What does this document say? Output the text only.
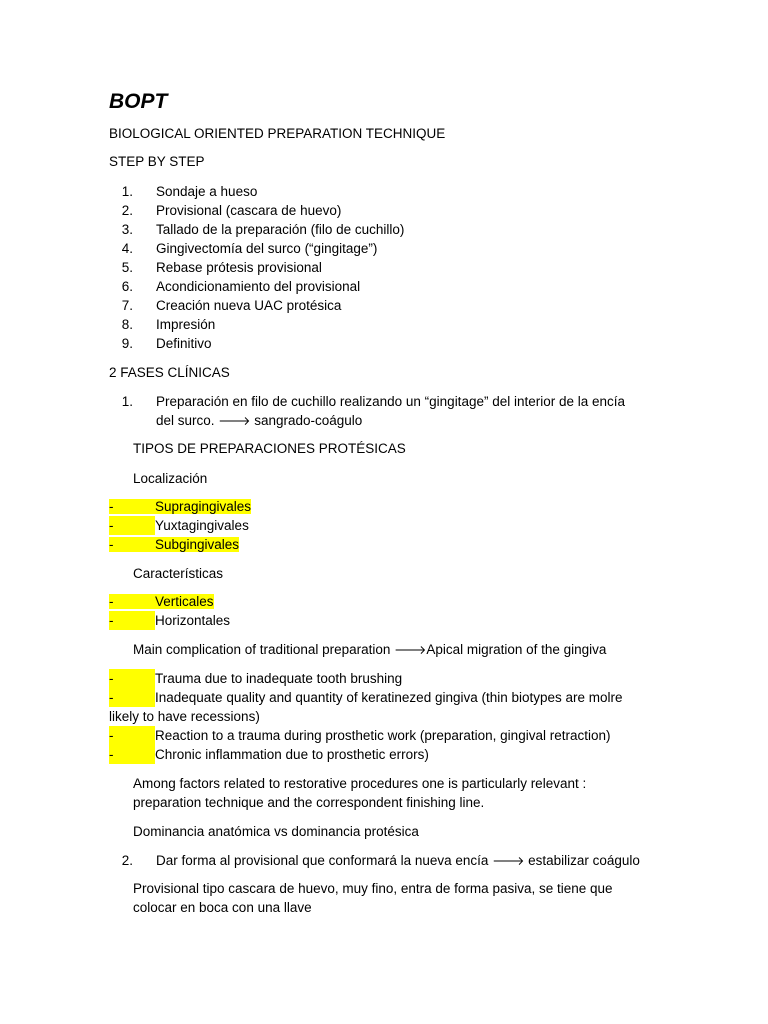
BOPT
BIOLOGICAL ORIENTED PREPARATION TECHNIQUE
STEP BY STEP
1. Sondaje a hueso
2. Provisional (cascara de huevo)
3. Tallado de la preparación (filo de cuchillo)
4. Gingivectomía del surco (“gingitage”)
5. Rebase prótesis provisional
6. Acondicionamiento del provisional
7. Creación nueva UAC protésica
8. Impresión
9. Definitivo
2 FASES CLÍNICAS
1. Preparación en filo de cuchillo realizando un “gingitage” del interior de la encía
del surco. 🡒 sangrado-coágulo
TIPOS DE PREPARACIONES PROTÉSICAS
Localización
-	Supragingivales
-	Yuxtagingivales
-	Subgingivales
Características
-	Verticales
-	Horizontales
Main complication of traditional preparation 🡒Apical migration of the gingiva
-	Trauma due to inadequate tooth brushing
-	Inadequate quality and quantity of keratinezed gingiva (thin biotypes are molre
likely to have recessions)
-	Reaction to a trauma during prosthetic work (preparation, gingival retraction)
-	Chronic inflammation due to prosthetic errors)
Among factors related to restorative procedures one is particularly relevant :
preparation technique and the correspondent finishing line.
Dominancia anatómica vs dominancia protésica
2. Dar forma al provisional que conformará la nueva encía 🡒 estabilizar coágulo
Provisional tipo cascara de huevo, muy fino, entra de forma pasiva, se tiene que
colocar en boca con una llave
